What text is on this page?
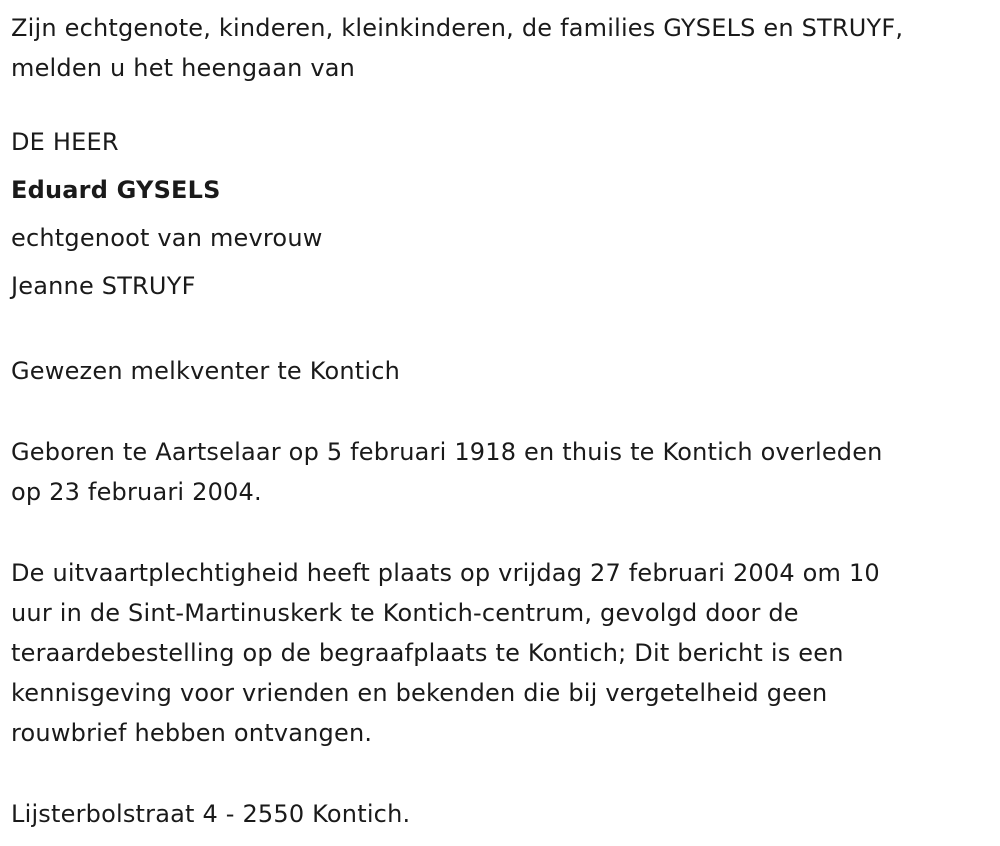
Zijn echtgenote, kinderen, kleinkinderen, de families GYSELS en STRUYF,
melden u het heengaan van

DE HEER
Eduard GYSELS
echtgenoot van mevrouw
Jeanne STRUYF

Gewezen melkventer te Kontich

Geboren te Aartselaar op 5 februari 1918 en thuis te Kontich overleden
op 23 februari 2004.

De uitvaartplechtigheid heeft plaats op vrijdag 27 februari 2004 om 10
uur in de Sint-Martinuskerk te Kontich-centrum, gevolgd door de
teraardebestelling op de begraafplaats te Kontich; Dit bericht is een
kennisgeving voor vrienden en bekenden die bij vergetelheid geen
rouwbrief hebben ontvangen.

Lijsterbolstraat 4 - 2550 Kontich.
